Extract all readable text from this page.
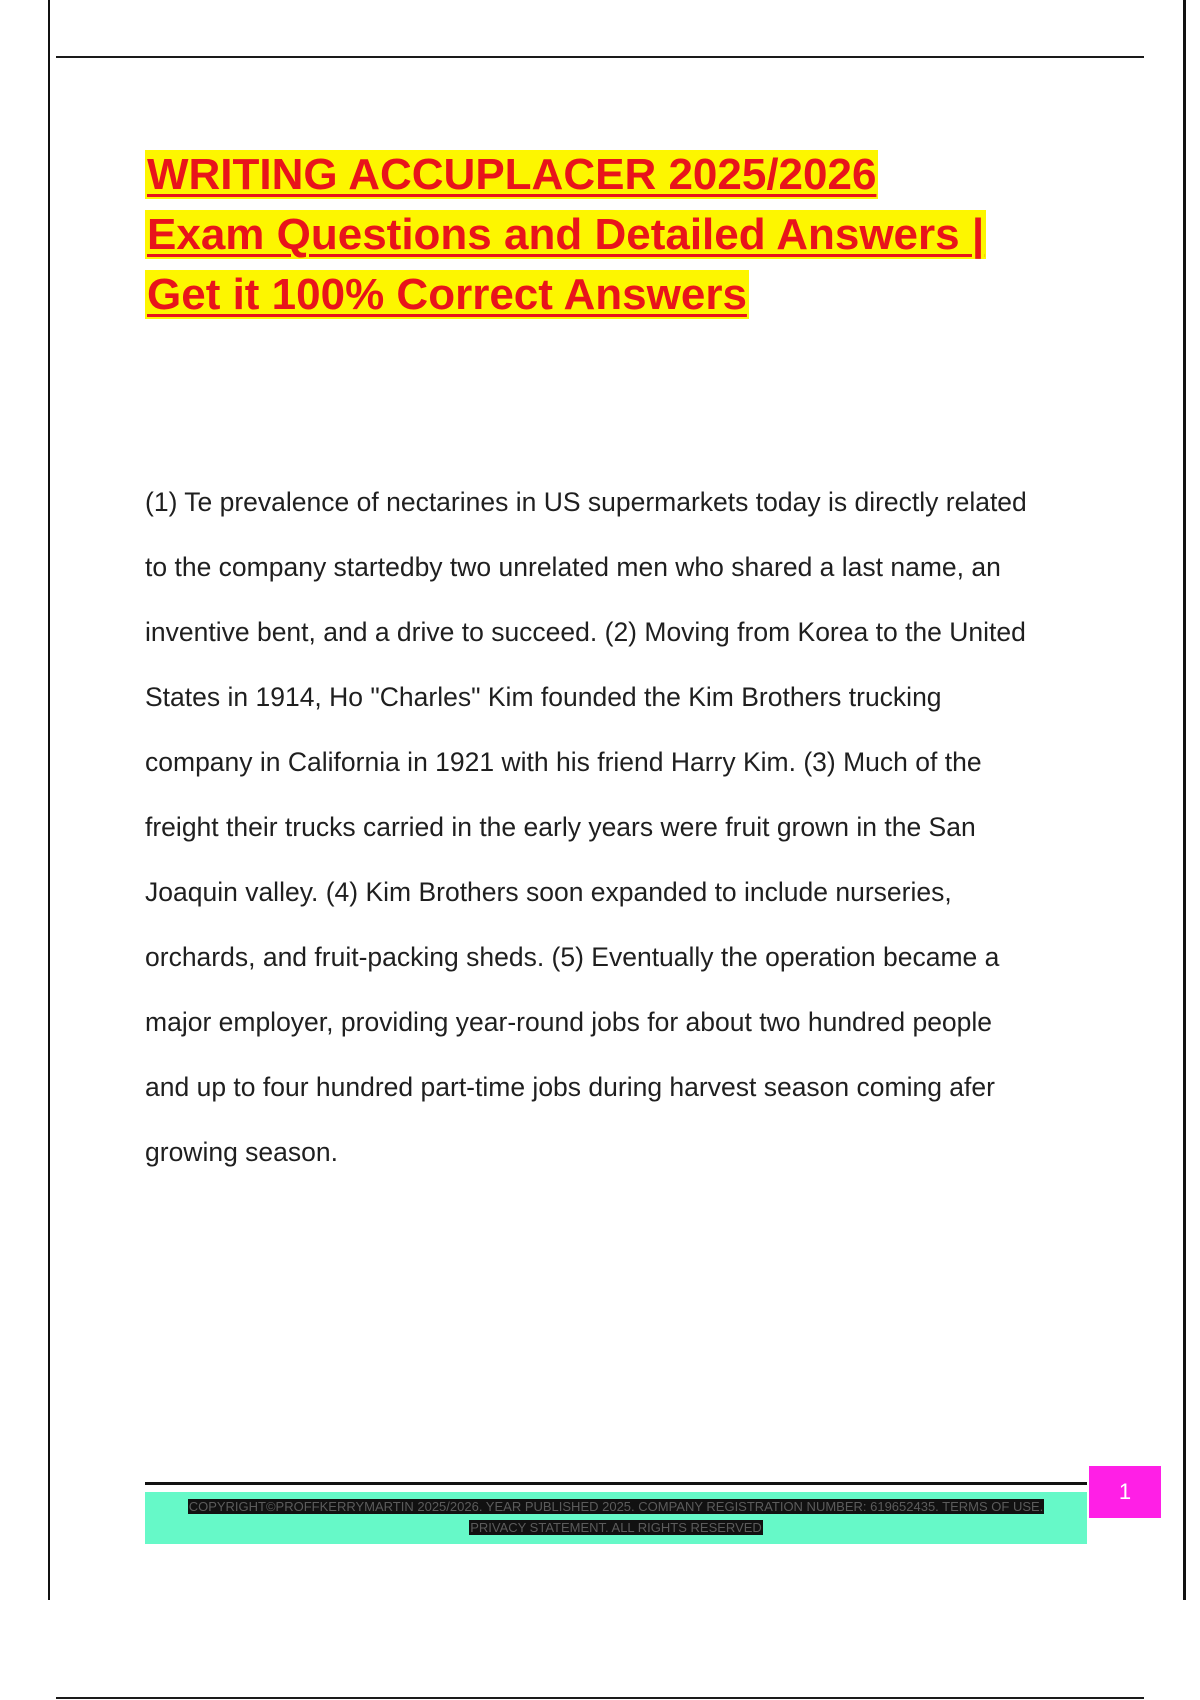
WRITING ACCUPLACER 2025/2026
Exam Questions and Detailed Answers |
Get it 100% Correct Answers

(1) Te prevalence of nectarines in US supermarkets today is directly related
to the company startedby two unrelated men who shared a last name, an
inventive bent, and a drive to succeed. (2) Moving from Korea to the United
States in 1914, Ho "Charles" Kim founded the Kim Brothers trucking
company in California in 1921 with his friend Harry Kim. (3) Much of the
freight their trucks carried in the early years were fruit grown in the San
Joaquin valley. (4) Kim Brothers soon expanded to include nurseries,
orchards, and fruit-packing sheds. (5) Eventually the operation became a
major employer, providing year-round jobs for about two hundred people
and up to four hundred part-time jobs during harvest season coming afer
growing season.

COPYRIGHT©PROFFKERRYMARTIN 2025/2026. YEAR PUBLISHED 2025. COMPANY REGISTRATION NUMBER: 619652435. TERMS OF USE.
PRIVACY STATEMENT. ALL RIGHTS RESERVED
1
